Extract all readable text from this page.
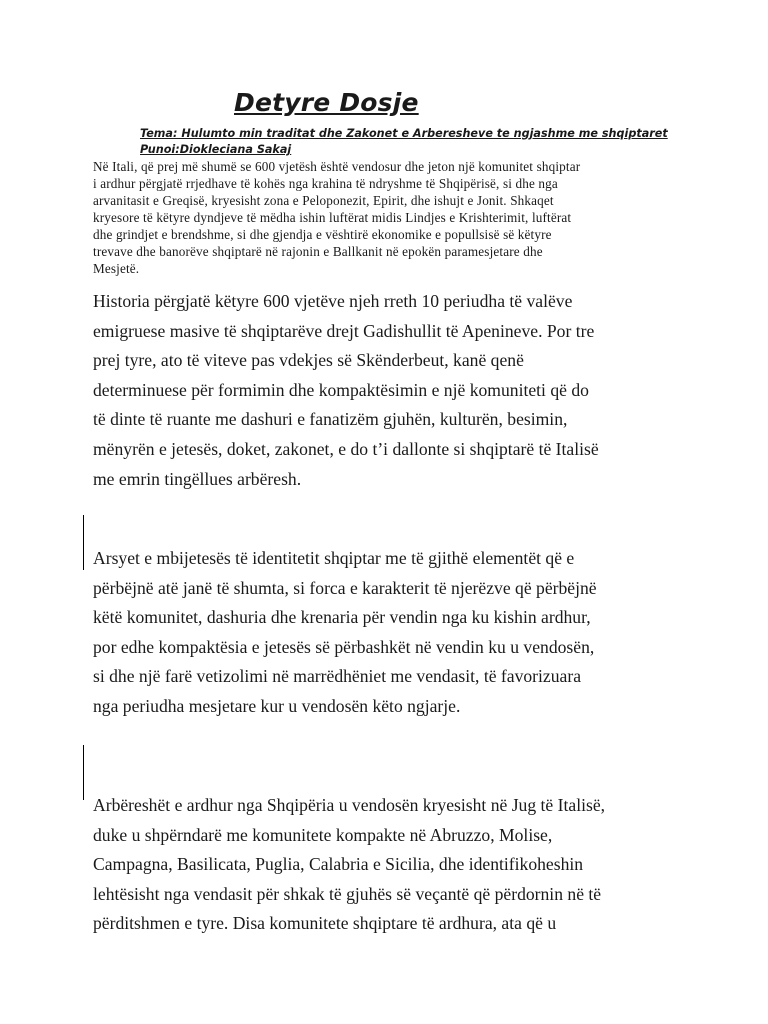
Detyre Dosje

Tema: Hulumto min traditat dhe Zakonet e Arberesheve te ngjashme me shqiptaret

Punoi:Diokleciana Sakaj

Në Itali, që prej më shumë se 600 vjetësh është vendosur dhe jeton një komunitet shqiptar
i ardhur përgjatë rrjedhave të kohës nga krahina të ndryshme të Shqipërisë, si dhe nga
arvanitasit e Greqisë, kryesisht zona e Peloponezit, Epirit, dhe ishujt e Jonit. Shkaqet
kryesore të këtyre dyndjeve të mëdha ishin luftërat midis Lindjes e Krishterimit, luftërat
dhe grindjet e brendshme, si dhe gjendja e vështirë ekonomike e popullsisë së këtyre
trevave dhe banorëve shqiptarë në rajonin e Ballkanit në epokën paramesjetare dhe
Mesjetë.

Historia përgjatë këtyre 600 vjetëve njeh rreth 10 periudha të valëve
emigruese masive të shqiptarëve drejt Gadishullit të Apenineve. Por tre
prej tyre, ato të viteve pas vdekjes së Skënderbeut, kanë qenë
determinuese për formimin dhe kompaktësimin e një komuniteti që do
të dinte të ruante me dashuri e fanatizëm gjuhën, kulturën, besimin,
mënyrën e jetesës, doket, zakonet, e do t’i dallonte si shqiptarë të Italisë
me emrin tingëllues arbëresh.

Arsyet e mbijetesës të identitetit shqiptar me të gjithë elementët që e
përbëjnë atë janë të shumta, si forca e karakterit të njerëzve që përbëjnë
këtë komunitet, dashuria dhe krenaria për vendin nga ku kishin ardhur,
por edhe kompaktësia e jetesës së përbashkët në vendin ku u vendosën,
si dhe një farë vetizolimi në marrëdhëniet me vendasit, të favorizuara
nga periudha mesjetare kur u vendosën këto ngjarje.

Arbëreshët e ardhur nga Shqipëria u vendosën kryesisht në Jug të Italisë,
duke u shpërndarë me komunitete kompakte në Abruzzo, Molise,
Campagna, Basilicata, Puglia, Calabria e Sicilia, dhe identifikoheshin
lehtësisht nga vendasit për shkak të gjuhës së veçantë që përdornin në të
përditshmen e tyre. Disa komunitete shqiptare të ardhura, ata që u
